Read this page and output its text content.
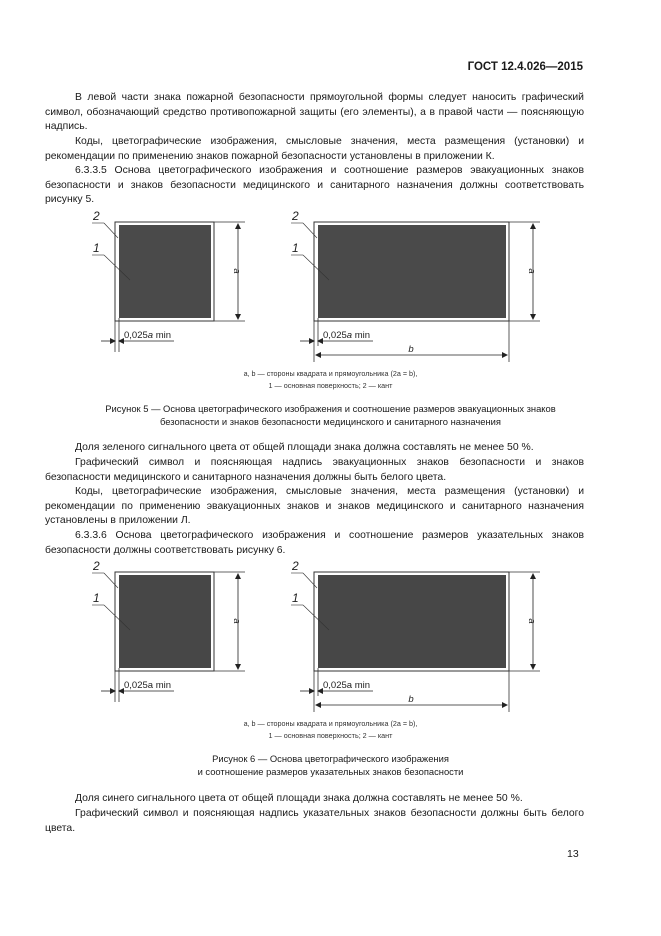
ГОСТ 12.4.026—2015
В левой части знака пожарной безопасности прямоугольной формы следует наносить графический символ, обозначающий средство противопожарной защиты (его элементы), а в правой части — поясняющую надпись.
Коды, цветографические изображения, смысловые значения, места размещения (установки) и рекомендации по применению знаков пожарной безопасности установлены в приложении К.
6.3.3.5 Основа цветографического изображения и соотношение размеров эвакуационных знаков безопасности и знаков безопасности медицинского и санитарного назначения должны соответствовать рисунку 5.
a
0,025a min
2
1
a
0,025a min
b
2
1
a, b — стороны квадрата и прямоугольника (2a = b),
1 — основная поверхность; 2 — кант
Рисунок 5 — Основа цветографического изображения и соотношение размеров эвакуационных знаков
безопасности и знаков безопасности медицинского и санитарного назначения
Доля зеленого сигнального цвета от общей площади знака должна составлять не менее 50 %.
Графический символ и поясняющая надпись эвакуационных знаков безопасности и знаков безопасности медицинского и санитарного назначения должны быть белого цвета.
Коды, цветографические изображения, смысловые значения, места размещения (установки) и рекомендации по применению эвакуационных знаков и знаков медицинского и санитарного назначения установлены в приложении Л.
6.3.3.6 Основа цветографического изображения и соотношение размеров указательных знаков безопасности должны соответствовать рисунку 6.
a
0,025a min
2
1
a
0,025a min
b
2
1
a, b — стороны квадрата и прямоугольника (2a = b),
1 — основная поверхность; 2 — кант
Рисунок 6 — Основа цветографического изображения
и соотношение размеров указательных знаков безопасности
Доля синего сигнального цвета от общей площади знака должна составлять не менее 50 %.
Графический символ и поясняющая надпись указательных знаков безопасности должны быть белого цвета.
13
